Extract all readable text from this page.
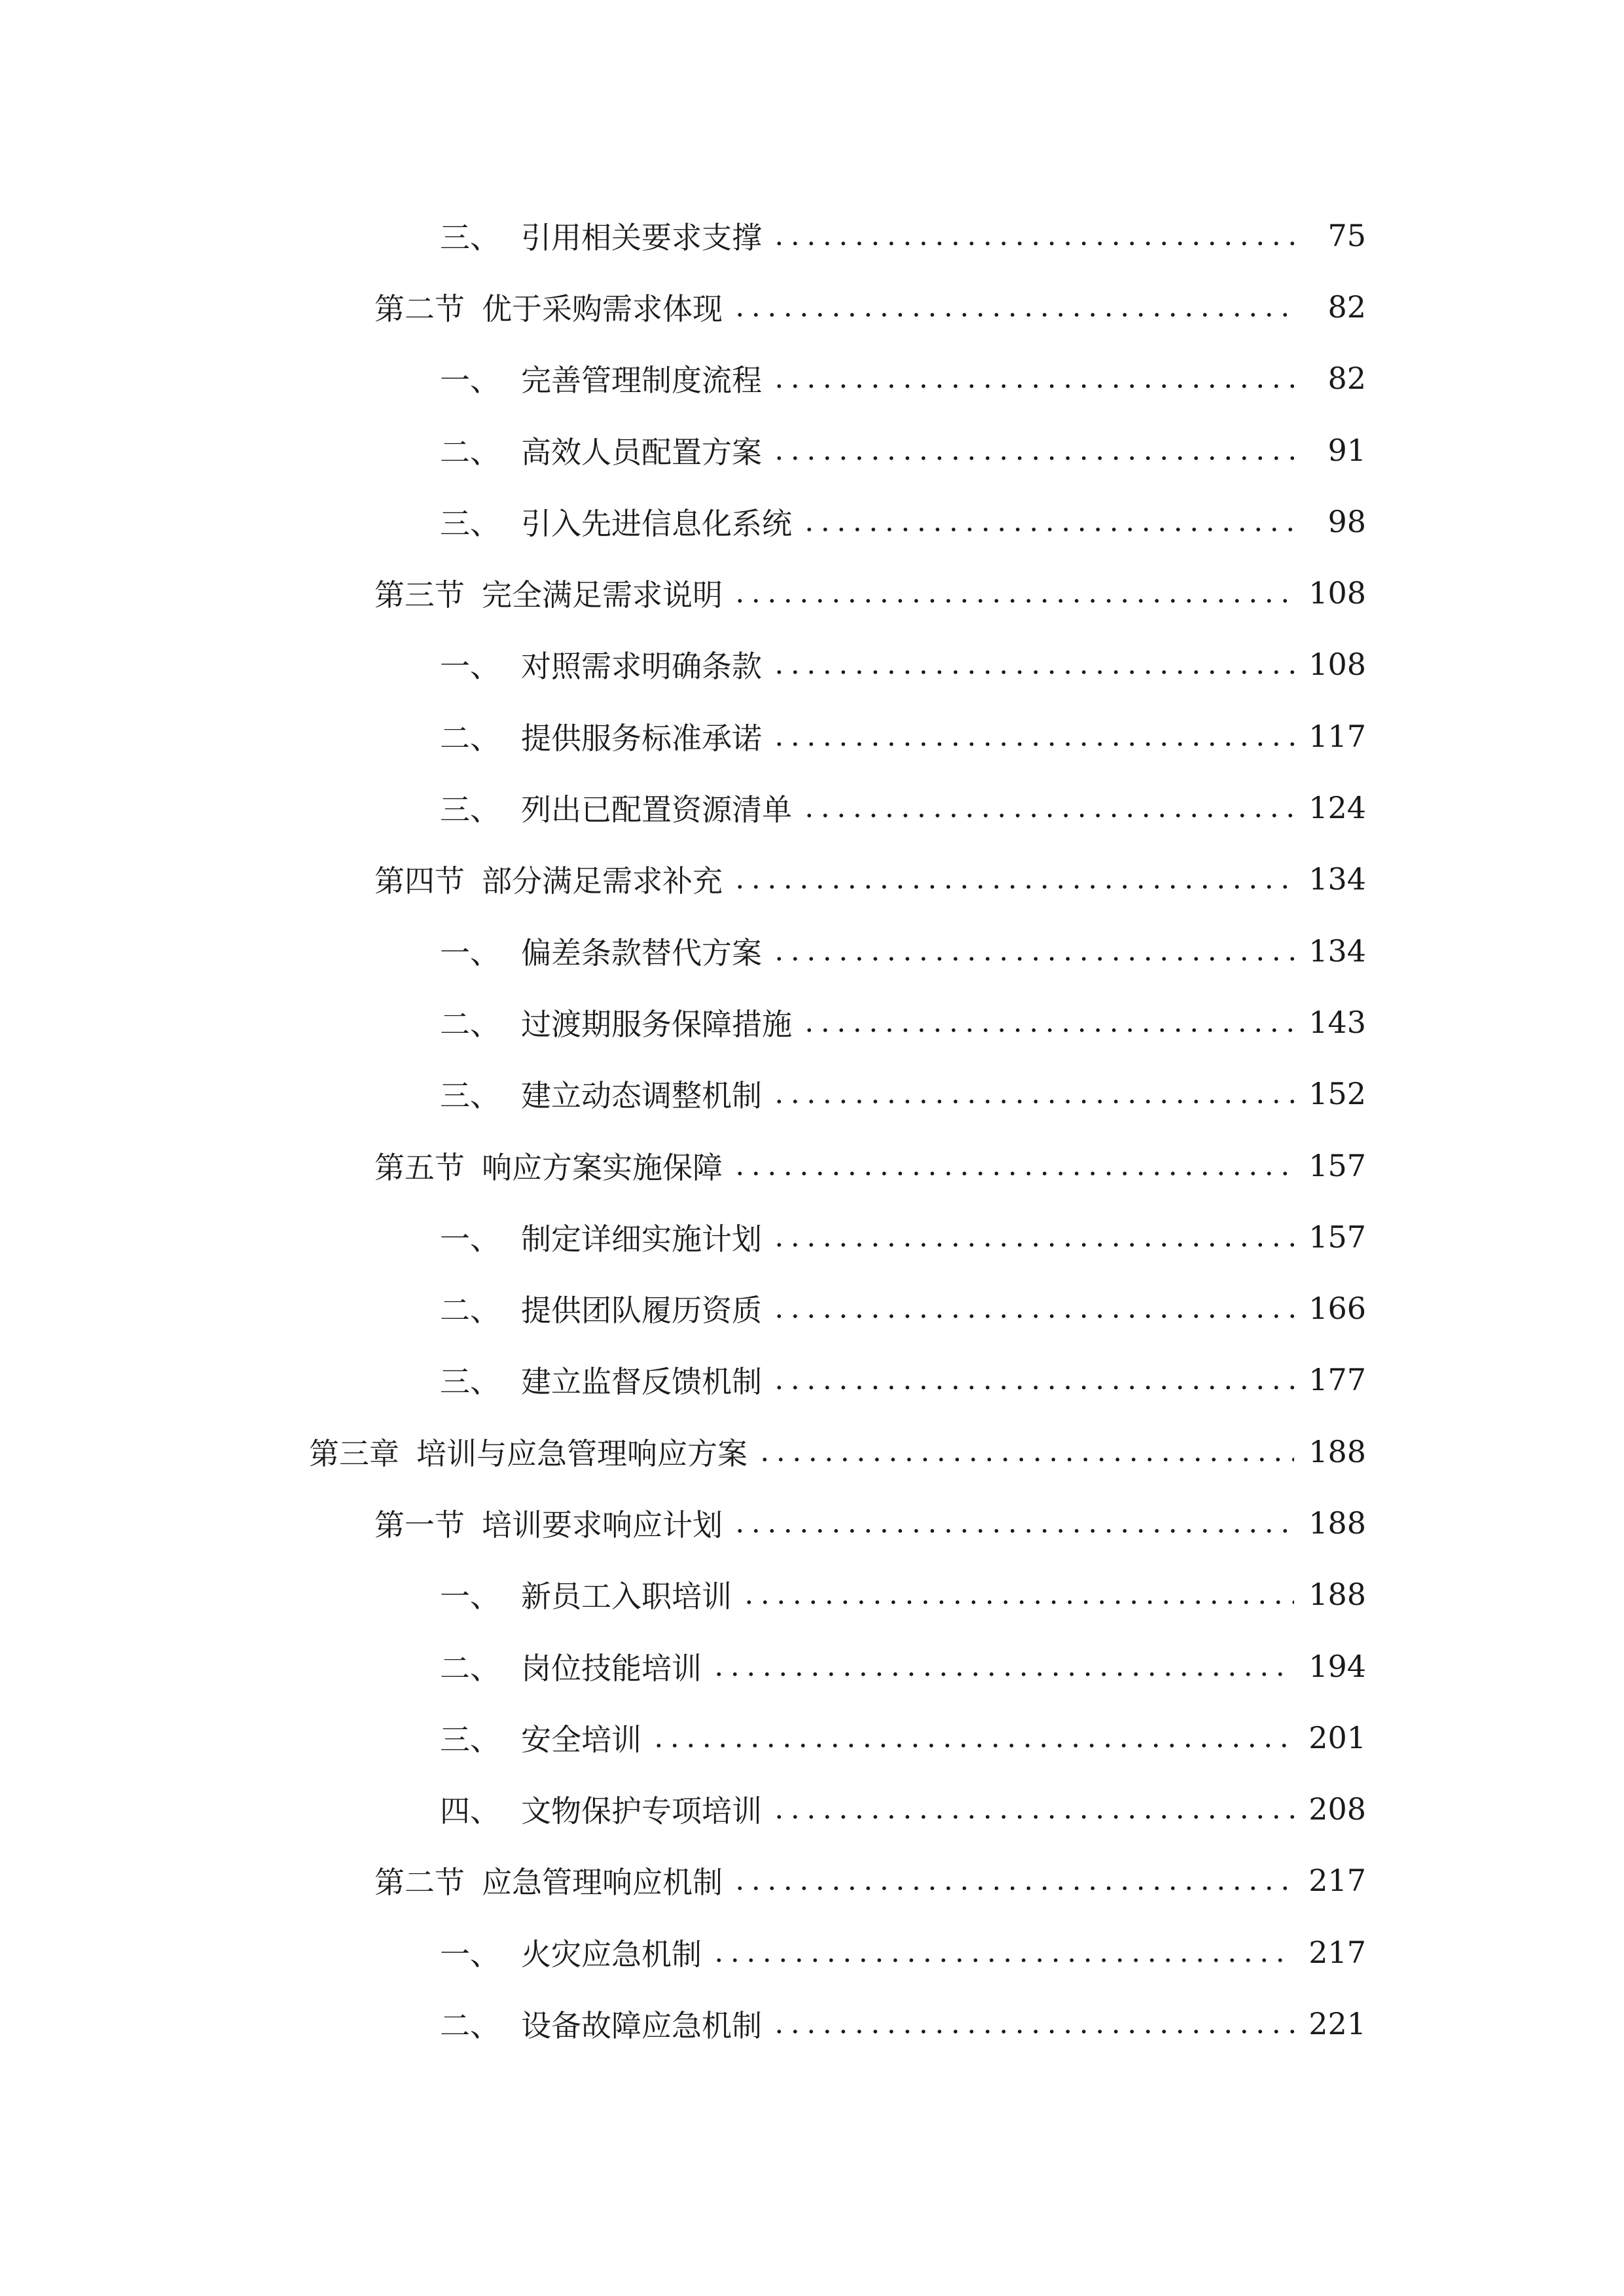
三、 引用相关要求支撑	75
第二节 优于采购需求体现	82
一、 完善管理制度流程	82
二、 高效人员配置方案	91
三、 引入先进信息化系统	98
第三节 完全满足需求说明	108
一、 对照需求明确条款	108
二、 提供服务标准承诺	117
三、 列出已配置资源清单	124
第四节 部分满足需求补充	134
一、 偏差条款替代方案	134
二、 过渡期服务保障措施	143
三、 建立动态调整机制	152
第五节 响应方案实施保障	157
一、 制定详细实施计划	157
二、 提供团队履历资质	166
三、 建立监督反馈机制	177
第三章 培训与应急管理响应方案	188
第一节 培训要求响应计划	188
一、 新员工入职培训	188
二、 岗位技能培训	194
三、 安全培训	201
四、 文物保护专项培训	208
第二节 应急管理响应机制	217
一、 火灾应急机制	217
二、 设备故障应急机制	221
